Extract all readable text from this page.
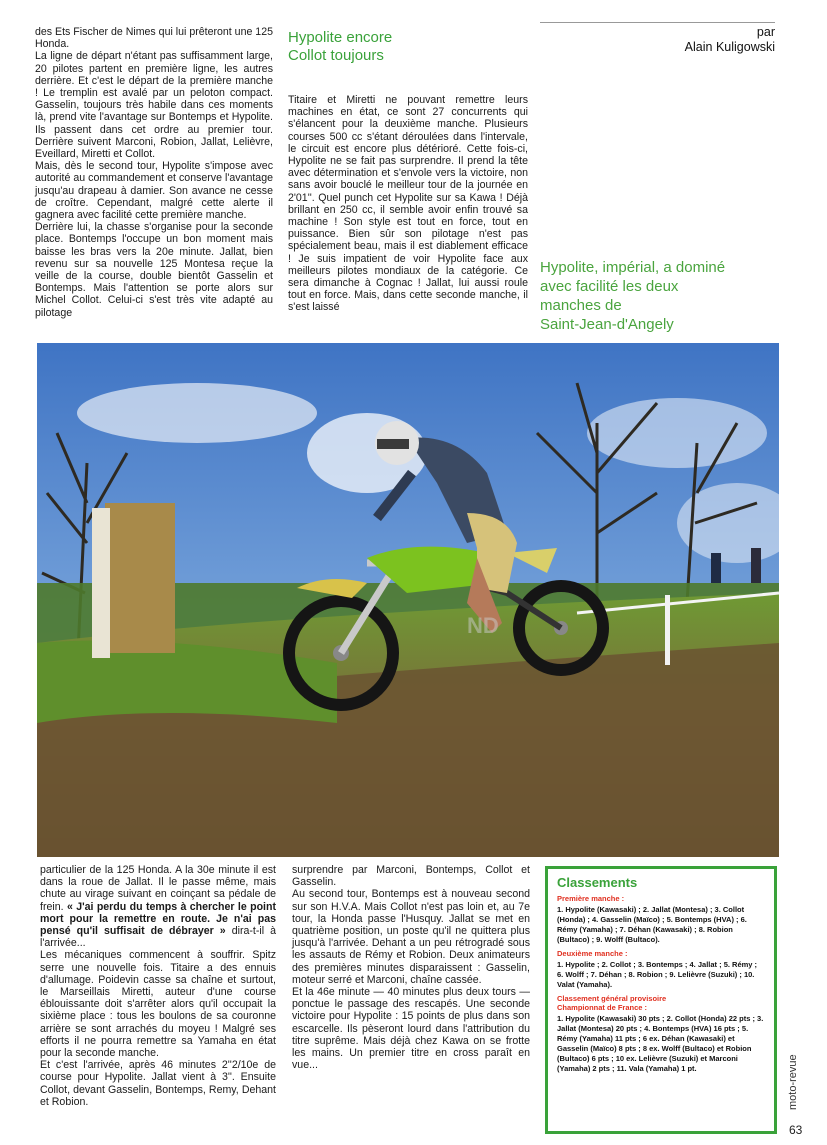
des Ets Fischer de Nimes qui lui prêteront une 125 Honda.
La ligne de départ n'étant pas suffisamment large, 20 pilotes partent en première ligne, les autres derrière. Et c'est le départ de la première manche ! Le tremplin est avalé par un peloton compact. Gasselin, toujours très habile dans ces moments là, prend vite l'avantage sur Bontemps et Hypolite. Ils passent dans cet ordre au premier tour. Derrière suivent Marconi, Robion, Jallat, Lelièvre, Eveillard, Miretti et Collot.
Mais, dès le second tour, Hypolite s'impose avec autorité au commandement et conserve l'avantage jusqu'au drapeau à damier. Son avance ne cesse de croître. Cependant, malgré cette alerte il gagnera avec facilité cette première manche.
Derrière lui, la chasse s'organise pour la seconde place. Bontemps l'occupe un bon moment mais baisse les bras vers la 20e minute. Jallat, bien revenu sur sa nouvelle 125 Montesa reçue la veille de la course, double bientôt Gasselin et Bontemps. Mais l'attention se porte alors sur Michel Collot. Celui-ci s'est très vite adapté au pilotage
Hypolite encore
Collot toujours
par
Alain Kuligowski
Titaire et Miretti ne pouvant remettre leurs machines en état, ce sont 27 concurrents qui s'élancent pour la deuxième manche. Plusieurs courses 500 cc s'étant déroulées dans l'intervale, le circuit est encore plus détérioré. Cette fois-ci, Hypolite ne se fait pas surprendre. Il prend la tête avec détermination et s'envole vers la victoire, non sans avoir bouclé le meilleur tour de la journée en 2'01''. Quel punch cet Hypolite sur sa Kawa ! Déjà brillant en 250 cc, il semble avoir enfin trouvé sa machine ! Son style est tout en force, tout en puissance. Bien sûr son pilotage n'est pas spécialement beau, mais il est diablement efficace ! Je suis impatient de voir Hypolite face aux meilleurs pilotes mondiaux de la catégorie. Ce sera dimanche à Cognac ! Jallat, lui aussi roule tout en force. Mais, dans cette seconde manche, il s'est laissé
Hypolite, impérial, a dominé
avec facilité les deux
manches de
Saint-Jean-d'Angely
ND
particulier de la 125 Honda. A la 30e minute il est dans la roue de Jallat. Il le passe même, mais chute au virage suivant en coinçant sa pédale de frein. « J'ai perdu du temps à chercher le point mort pour la remettre en route. Je n'ai pas pensé qu'il suffisait de débrayer » dira-t-il à l'arrivée...
Les mécaniques commencent à souffrir. Spitz serre une nouvelle fois. Titaire a des ennuis d'allumage. Poidevin casse sa chaîne et surtout, le Marseillais Miretti, auteur d'une course éblouissante doit s'arrêter alors qu'il occupait la sixième place : tous les boulons de sa couronne arrière se sont arrachés du moyeu ! Malgré ses efforts il ne pourra remettre sa Yamaha en état pour la seconde manche.
Et c'est l'arrivée, après 46 minutes 2''2/10e de course pour Hypolite. Jallat vient à 3''. Ensuite Collot, devant Gasselin, Bontemps, Remy, Dehant et Robion.
surprendre par Marconi, Bontemps, Collot et Gasselin.
Au second tour, Bontemps est à nouveau second sur son H.V.A. Mais Collot n'est pas loin et, au 7e tour, la Honda passe l'Husquy. Jallat se met en quatrième position, un poste qu'il ne quittera plus jusqu'à l'arrivée. Dehant a un peu rétrogradé sous les assauts de Rémy et Robion. Deux animateurs des premières minutes disparaissent : Gasselin, moteur serré et Marconi, chaîne cassée.
Et la 46e minute — 40 minutes plus deux tours — ponctue le passage des rescapés. Une seconde victoire pour Hypolite : 15 points de plus dans son escarcelle. Ils pèseront lourd dans l'attribution du titre suprême. Mais déjà chez Kawa on se frotte les mains. Un premier titre en cross paraît en vue...
Classements
Première manche :
1. Hypolite (Kawasaki) ; 2. Jallat (Montesa) ; 3. Collot (Honda) ; 4. Gasselin (Maïco) ; 5. Bontemps (HVA) ; 6. Rémy (Yamaha) ; 7. Déhan (Kawasaki) ; 8. Robion (Bultaco) ; 9. Wolff (Bultaco).
Deuxième manche :
1. Hypolite ; 2. Collot ; 3. Bontemps ; 4. Jallat ; 5. Rémy ; 6. Wolff ; 7. Déhan ; 8. Robion ; 9. Lelièvre (Suzuki) ; 10. Valat (Yamaha).
Classement général provisoire
Championnat de France :
1. Hypolite (Kawasaki) 30 pts ; 2. Collot (Honda) 22 pts ; 3. Jallat (Montesa) 20 pts ; 4. Bontemps (HVA) 16 pts ; 5. Rémy (Yamaha) 11 pts ; 6 ex. Déhan (Kawasaki) et Gasselin (Maïco) 8 pts ; 8 ex. Wolff (Bultaco) et Robion (Bultaco) 6 pts ; 10 ex. Lelièvre (Suzuki) et Marconi (Yamaha) 2 pts ; 11. Vala (Yamaha) 1 pt.	moto-revue
63
